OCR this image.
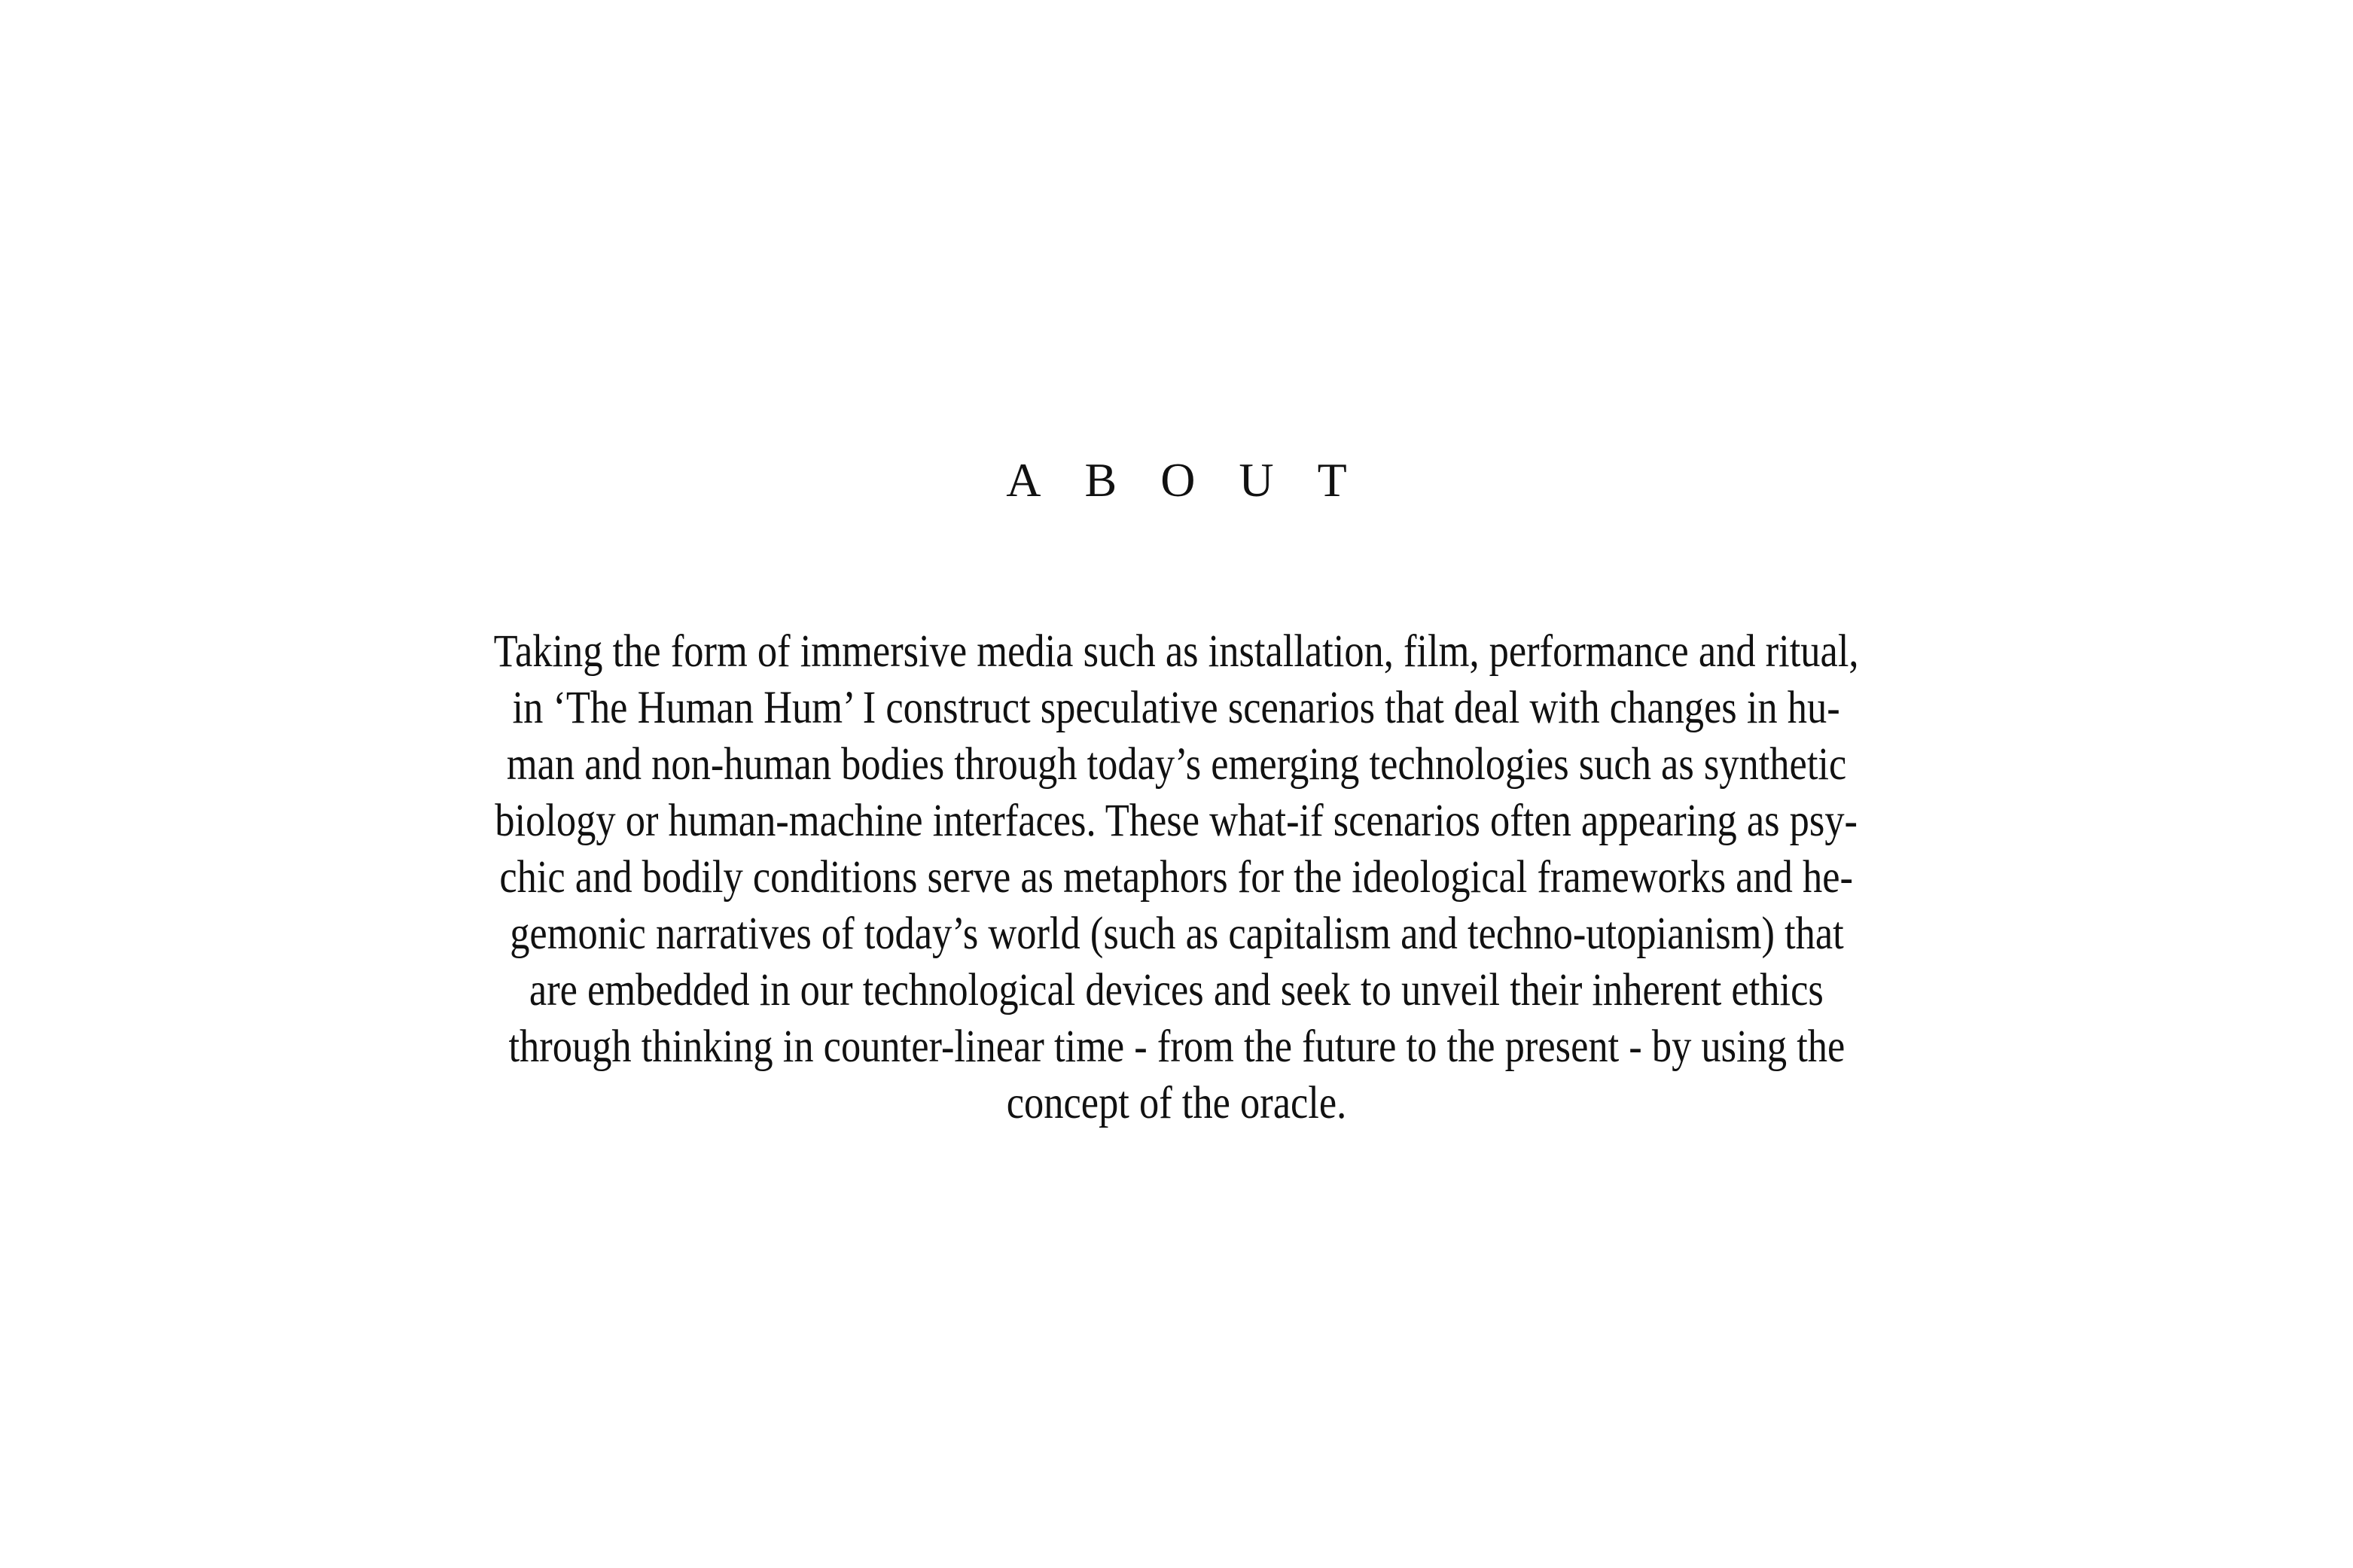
ABOUT
Taking the form of immersive media such as installation, film, performance and ritual,
in ‘The Human Hum’ I construct speculative scenarios that deal with changes in hu-
man and non-human bodies through today’s emerging technologies such as synthetic
biology or human-machine interfaces. These what-if scenarios often appearing as psy-
chic and bodily conditions serve as metaphors for the ideological frameworks and he-
gemonic narratives of today’s world (such as capitalism and techno-utopianism) that
are embedded in our technological devices and seek to unveil their inherent ethics
through thinking in counter-linear time - from the future to the present - by using the
concept of the oracle.
